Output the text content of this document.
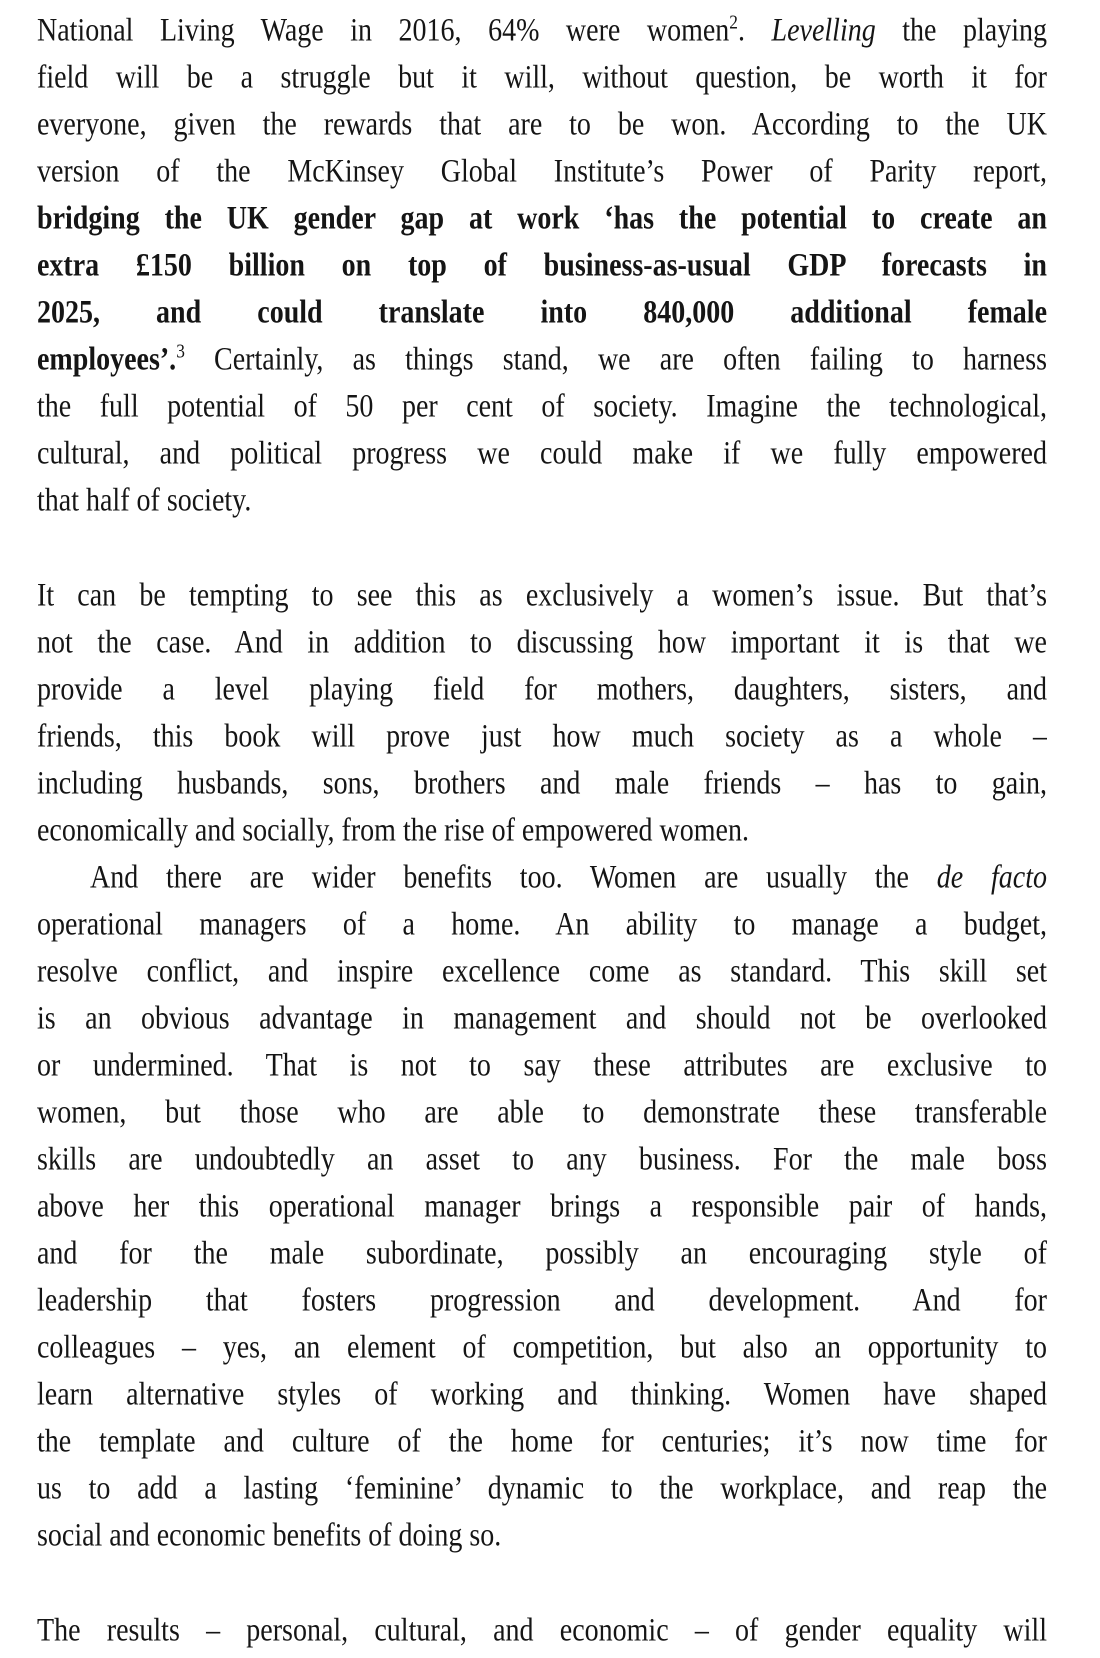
National Living Wage in 2016, 64% were women$^2$. Levelling the playing
field will be a struggle but it will, without question, be worth it for
everyone, given the rewards that are to be won. According to the UK
version of the McKinsey Global Institute’s Power of Parity report,
bridging the UK gender gap at work ‘has the potential to create an
extra £150 billion on top of business-as-usual GDP forecasts in
2025, and could translate into 840,000 additional female
employees’.$^3$ Certainly, as things stand, we are often failing to harness
the full potential of 50 per cent of society. Imagine the technological,
cultural, and political progress we could make if we fully empowered
that half of society.
It can be tempting to see this as exclusively a women’s issue. But that’s
not the case. And in addition to discussing how important it is that we
provide a level playing field for mothers, daughters, sisters, and
friends, this book will prove just how much society as a whole –
including husbands, sons, brothers and male friends – has to gain,
economically and socially, from the rise of empowered women.
And there are wider benefits too. Women are usually the de facto
operational managers of a home. An ability to manage a budget,
resolve conflict, and inspire excellence come as standard. This skill set
is an obvious advantage in management and should not be overlooked
or undermined. That is not to say these attributes are exclusive to
women, but those who are able to demonstrate these transferable
skills are undoubtedly an asset to any business. For the male boss
above her this operational manager brings a responsible pair of hands,
and for the male subordinate, possibly an encouraging style of
leadership that fosters progression and development. And for
colleagues – yes, an element of competition, but also an opportunity to
learn alternative styles of working and thinking. Women have shaped
the template and culture of the home for centuries; it’s now time for
us to add a lasting ‘feminine’ dynamic to the workplace, and reap the
social and economic benefits of doing so.
The results – personal, cultural, and economic – of gender equality will
